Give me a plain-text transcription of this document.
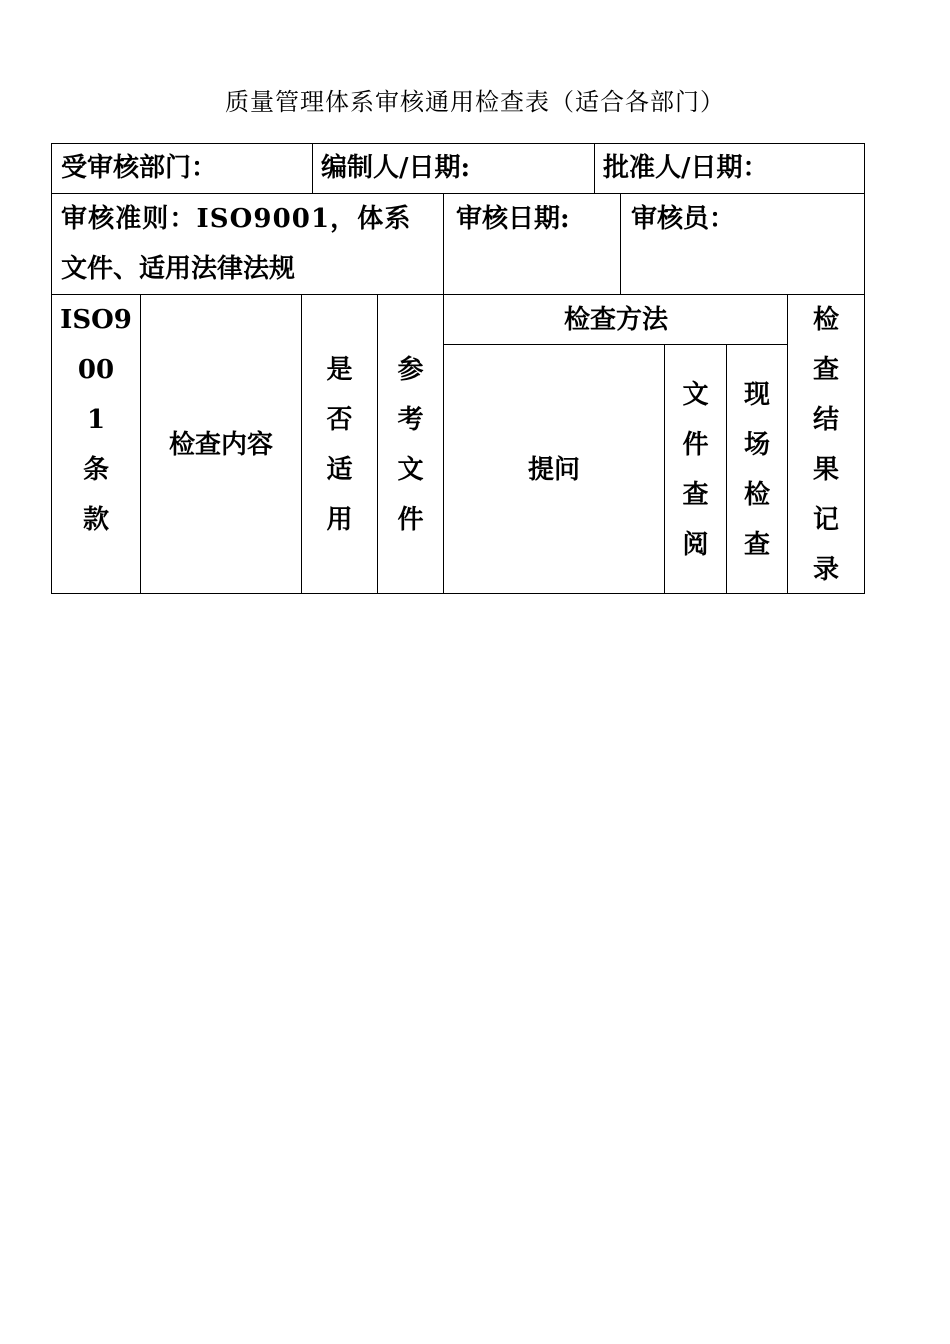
质量管理体系审核通用检查表（适合各部门）
受审核部门：	编制人/日期:	批准人/日期：
审核准则：ISO9001，体系
文件、适用法律法规
审核日期: 审核员：
ISO9
00
1
条
款
检查内容
是
否
适
用
参
考
文
件
检查方法
提问
文
件
查
阅
现
场
检
查
检
查
结
果
记
录
